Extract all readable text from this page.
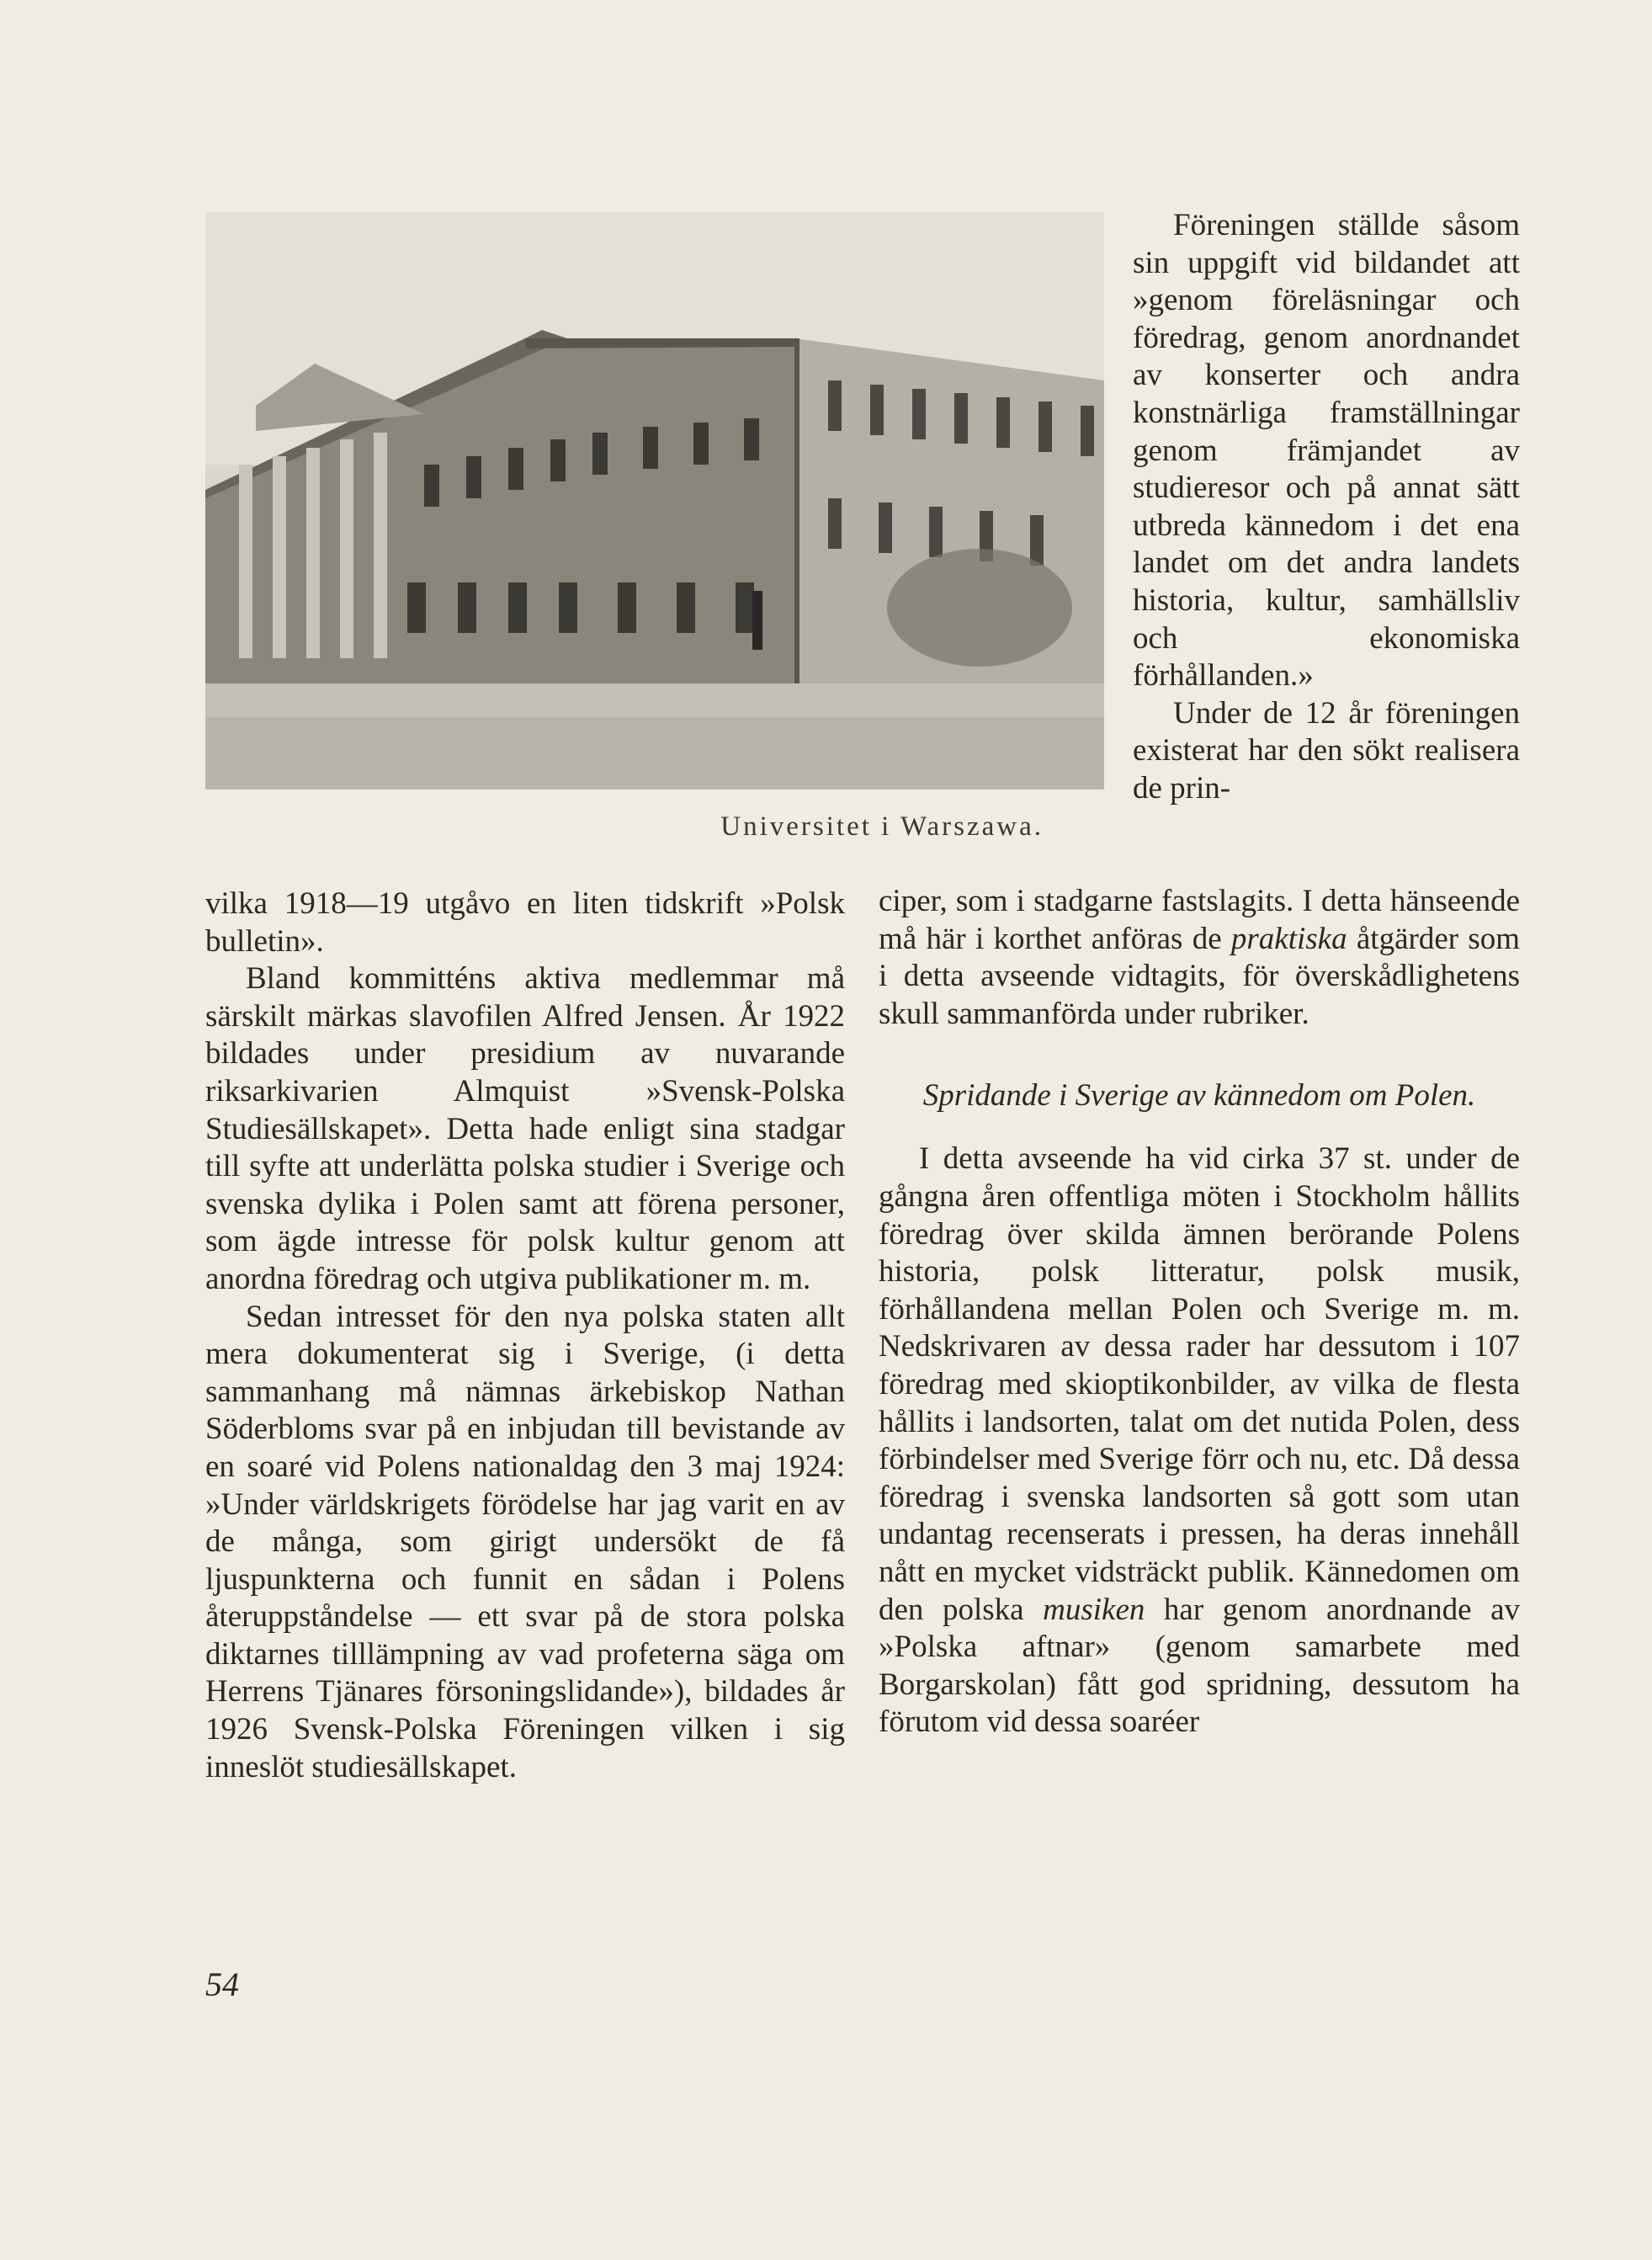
Universitet i Warszawa.

Föreningen ställde såsom sin uppgift vid bildandet att »genom föreläsningar och föredrag, genom anordnandet av konserter och andra konstnärliga framställningar genom främjandet av studieresor och på annat sätt utbreda kännedom i det ena landet om det andra landets historia, kultur, samhällsliv och ekonomiska förhållanden.»

Under de 12 år föreningen existerat har den sökt realisera de prin-

vilka 1918—19 utgåvo en liten tidskrift »Polsk bulletin».

Bland kommitténs aktiva medlemmar må särskilt märkas slavofilen Alfred Jensen. År 1922 bildades under presidium av nuvarande riksarkivarien Almquist »Svensk-Polska Studiesällskapet». Detta hade enligt sina stadgar till syfte att underlätta polska studier i Sverige och svenska dylika i Polen samt att förena personer, som ägde intresse för polsk kultur genom att anordna föredrag och utgiva publikationer m. m.

Sedan intresset för den nya polska staten allt mera dokumenterat sig i Sverige, (i detta sammanhang må nämnas ärkebiskop Nathan Söderbloms svar på en inbjudan till bevistande av en soaré vid Polens nationaldag den 3 maj 1924: »Under världskrigets förödelse har jag varit en av de många, som girigt undersökt de få ljuspunkterna och funnit en sådan i Polens återuppståndelse — ett svar på de stora polska diktarnes tilllämpning av vad profeterna säga om Herrens Tjänares försoningslidande»), bildades år 1926 Svensk-Polska Föreningen vilken i sig inneslöt studiesällskapet.

ciper, som i stadgarne fastslagits. I detta hänseende må här i korthet anföras de praktiska åtgärder som i detta avseende vidtagits, för överskådlighetens skull sammanförda under rubriker.

Spridande i Sverige av kännedom om Polen.

I detta avseende ha vid cirka 37 st. under de gångna åren offentliga möten i Stockholm hållits föredrag över skilda ämnen berörande Polens historia, polsk litteratur, polsk musik, förhållandena mellan Polen och Sverige m. m. Nedskrivaren av dessa rader har dessutom i 107 föredrag med skioptikonbilder, av vilka de flesta hållits i landsorten, talat om det nutida Polen, dess förbindelser med Sverige förr och nu, etc. Då dessa föredrag i svenska landsorten så gott som utan undantag recenserats i pressen, ha deras innehåll nått en mycket vidsträckt publik. Kännedomen om den polska musiken har genom anordnande av »Polska aftnar» (genom samarbete med Borgarskolan) fått god spridning, dessutom ha förutom vid dessa soaréer

54
